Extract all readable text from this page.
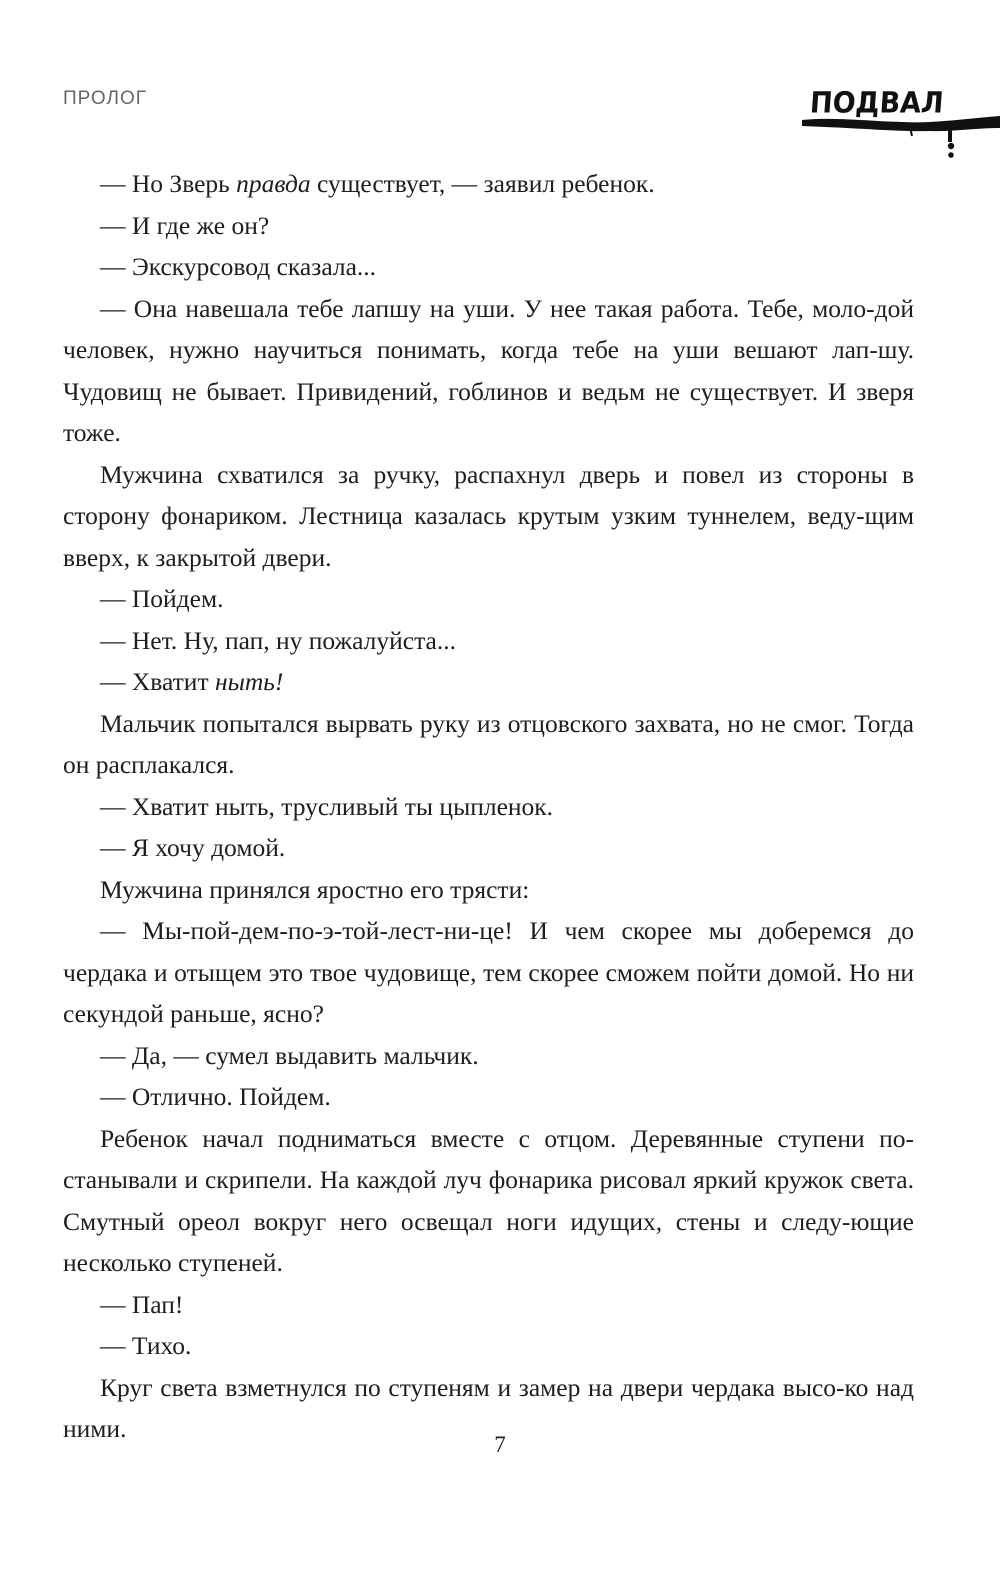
ПРОЛОГ	ПОДВАЛ

— Но Зверь правда существует, — заявил ребенок.

— И где же он?

— Экскурсовод сказала...

— Она навешала тебе лапшу на уши. У нее такая работа. Тебе, моло-дой человек, нужно научиться понимать, когда тебе на уши вешают лап-шу. Чудовищ не бывает. Привидений, гоблинов и ведьм не существует. И зверя тоже.

Мужчина схватился за ручку, распахнул дверь и повел из стороны в сторону фонариком. Лестница казалась крутым узким туннелем, веду-щим вверх, к закрытой двери.

— Пойдем.

— Нет. Ну, пап, ну пожалуйста...

— Хватит ныть!

Мальчик попытался вырвать руку из отцовского захвата, но не смог. Тогда он расплакался.

— Хватит ныть, трусливый ты цыпленок.

— Я хочу домой.

Мужчина принялся яростно его трясти:

— Мы-пой-дем-по-э-той-лест-ни-це! И чем скорее мы доберемся до чердака и отыщем это твое чудовище, тем скорее сможем пойти домой. Но ни секундой раньше, ясно?

— Да, — сумел выдавить мальчик.

— Отлично. Пойдем.

Ребенок начал подниматься вместе с отцом. Деревянные ступени по-станывали и скрипели. На каждой луч фонарика рисовал яркий кружок света. Смутный ореол вокруг него освещал ноги идущих, стены и следу-ющие несколько ступеней.

— Пап!

— Тихо.

Круг света взметнулся по ступеням и замер на двери чердака высо-ко над ними.

7
